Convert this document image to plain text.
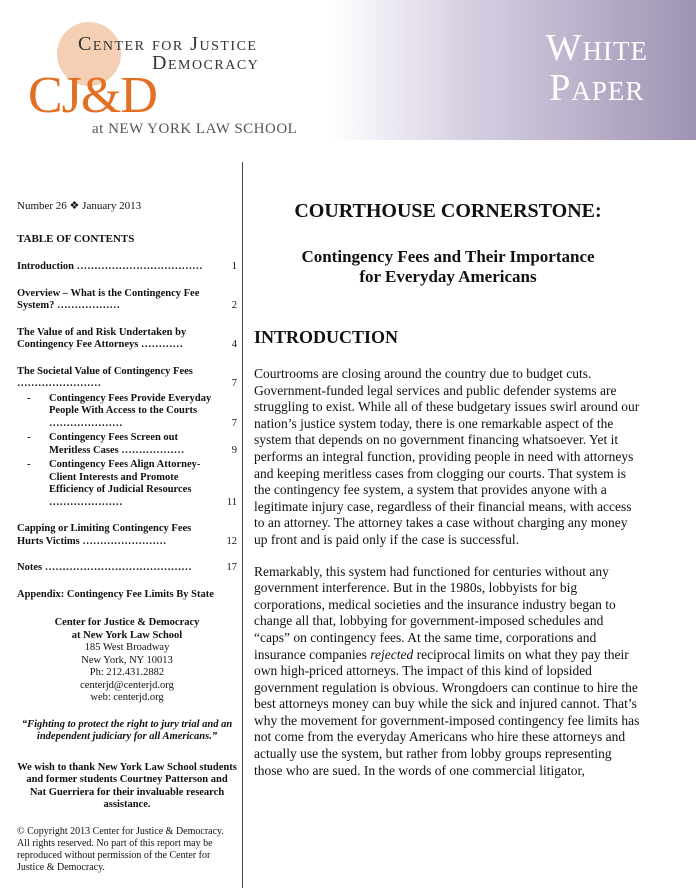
Center for Justice
Democracy
CJ&D
at NEW YORK LAW SCHOOL
White
Paper
Number 26 ❖ January 2013
TABLE OF CONTENTS
Introduction ………………………………	1
Overview – What is the Contingency Fee System? ………………	2
The Value of and Risk Undertaken by Contingency Fee Attorneys …………	4
The Societal Value of Contingency Fees ……………………	7
- Contingency Fees Provide Everyday People With Access to the Courts …………………	7
- Contingency Fees Screen out Meritless Cases ………………	9
- Contingency Fees Align Attorney-Client Interests and Promote Efficiency of Judicial Resources …………………	11
Capping or Limiting Contingency Fees Hurts Victims ……………………	12
Notes ……………………………………	17
Appendix: Contingency Fee Limits By State
Center for Justice & Democracy
at New York Law School
185 West Broadway
New York, NY 10013
Ph: 212.431.2882
centerjd@centerjd.org
web: centerjd.org
“Fighting to protect the right to jury trial and an independent judiciary for all Americans.”
We wish to thank New York Law School students and former students Courtney Patterson and Nat Guerriera for their invaluable research assistance.
© Copyright 2013 Center for Justice & Democracy. All rights reserved. No part of this report may be reproduced without permission of the Center for Justice & Democracy.
COURTHOUSE CORNERSTONE:
Contingency Fees and Their Importance
for Everyday Americans
INTRODUCTION

Courtrooms are closing around the country due to budget cuts. Government-funded legal services and public defender systems are struggling to exist. While all of these budgetary issues swirl around our nation’s justice system today, there is one remarkable aspect of the system that depends on no government financing whatsoever. Yet it performs an integral function, providing people in need with attorneys and keeping meritless cases from clogging our courts. That system is the contingency fee system, a system that provides anyone with a legitimate injury case, regardless of their financial means, with access to an attorney. The attorney takes a case without charging any money up front and is paid only if the case is successful.

Remarkably, this system had functioned for centuries without any government interference. But in the 1980s, lobbyists for big corporations, medical societies and the insurance industry began to change all that, lobbying for government-imposed schedules and “caps” on contingency fees. At the same time, corporations and insurance companies rejected reciprocal limits on what they pay their own high-priced attorneys. The impact of this kind of lopsided government regulation is obvious. Wrongdoers can continue to hire the best attorneys money can buy while the sick and injured cannot. That’s why the movement for government-imposed contingency fee limits has not come from the everyday Americans who hire these attorneys and actually use the system, but rather from lobby groups representing those who are sued. In the words of one commercial litigator,
